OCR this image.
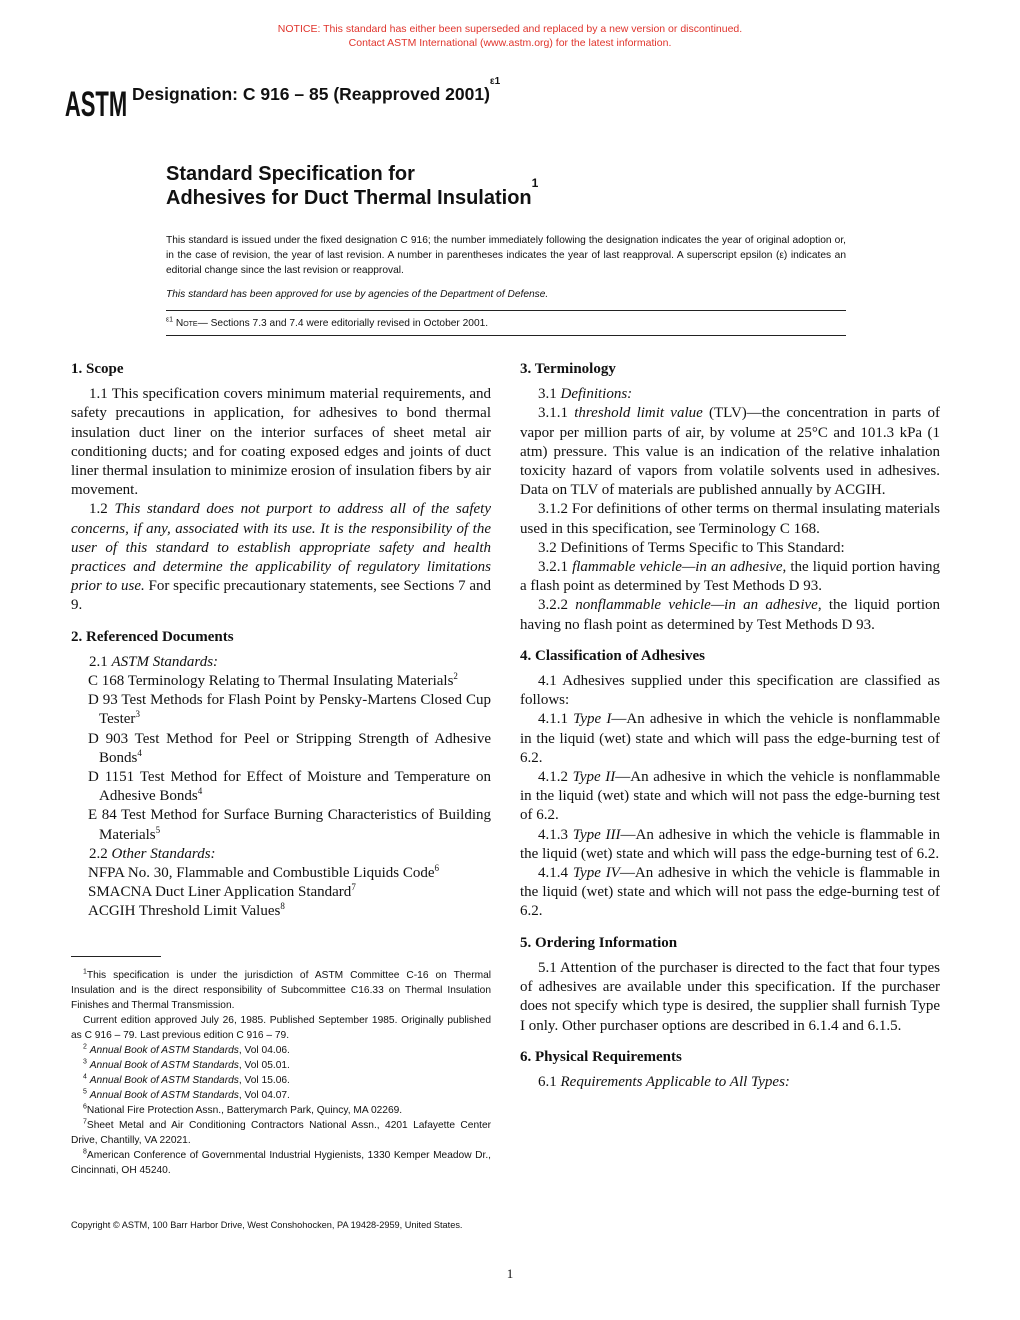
NOTICE: This standard has either been superseded and replaced by a new version or discontinued.
Contact ASTM International (www.astm.org) for the latest information.
ASTM Designation: C 916 – 85 (Reapproved 2001)$^{\varepsilon 1}$
Standard Specification for
Adhesives for Duct Thermal Insulation$^1$
This standard is issued under the fixed designation C 916; the number immediately following the designation indicates the year of original adoption or, in the case of revision, the year of last revision. A number in parentheses indicates the year of last reapproval. A superscript epsilon (ε) indicates an editorial change since the last revision or reapproval.
This standard has been approved for use by agencies of the Department of Defense.
$^{\varepsilon 1}$ Note— Sections 7.3 and 7.4 were editorially revised in October 2001.
1. Scope

1.1 This specification covers minimum material requirements, and safety precautions in application, for adhesives to bond thermal insulation duct liner on the interior surfaces of sheet metal air conditioning ducts; and for coating exposed edges and joints of duct liner thermal insulation to minimize erosion of insulation fibers by air movement.

1.2 This standard does not purport to address all of the safety concerns, if any, associated with its use. It is the responsibility of the user of this standard to establish appropriate safety and health practices and determine the applicability of regulatory limitations prior to use. For specific precautionary statements, see Sections 7 and 9.

2. Referenced Documents

2.1 ASTM Standards:

C 168 Terminology Relating to Thermal Insulating Materials$^2$

D 93 Test Methods for Flash Point by Pensky-Martens Closed Cup Tester$^3$

D 903 Test Method for Peel or Stripping Strength of Adhesive Bonds$^4$

D 1151 Test Method for Effect of Moisture and Temperature on Adhesive Bonds$^4$

E 84 Test Method for Surface Burning Characteristics of Building Materials$^5$

2.2 Other Standards:

NFPA No. 30, Flammable and Combustible Liquids Code$^6$

SMACNA Duct Liner Application Standard$^7$

ACGIH Threshold Limit Values$^8$

$^1$This specification is under the jurisdiction of ASTM Committee C-16 on Thermal Insulation and is the direct responsibility of Subcommittee C16.33 on Thermal Insulation Finishes and Thermal Transmission.
Current edition approved July 26, 1985. Published September 1985. Originally published as C 916 – 79. Last previous edition C 916 – 79.
$^2$ Annual Book of ASTM Standards, Vol 04.06.
$^3$ Annual Book of ASTM Standards, Vol 05.01.
$^4$ Annual Book of ASTM Standards, Vol 15.06.
$^5$ Annual Book of ASTM Standards, Vol 04.07.
$^6$National Fire Protection Assn., Batterymarch Park, Quincy, MA 02269.
$^7$Sheet Metal and Air Conditioning Contractors National Assn., 4201 Lafayette Center Drive, Chantilly, VA 22021.
$^8$American Conference of Governmental Industrial Hygienists, 1330 Kemper Meadow Dr., Cincinnati, OH 45240.
3. Terminology

3.1 Definitions:

3.1.1 threshold limit value (TLV)—the concentration in parts of vapor per million parts of air, by volume at 25°C and 101.3 kPa (1 atm) pressure. This value is an indication of the relative inhalation toxicity hazard of vapors from volatile solvents used in adhesives. Data on TLV of materials are published annually by ACGIH.

3.1.2 For definitions of other terms on thermal insulating materials used in this specification, see Terminology C 168.

3.2 Definitions of Terms Specific to This Standard:

3.2.1 flammable vehicle—in an adhesive, the liquid portion having a flash point as determined by Test Methods D 93.

3.2.2 nonflammable vehicle—in an adhesive, the liquid portion having no flash point as determined by Test Methods D 93.

4. Classification of Adhesives

4.1 Adhesives supplied under this specification are classified as follows:

4.1.1 Type I—An adhesive in which the vehicle is nonflammable in the liquid (wet) state and which will pass the edge-burning test of 6.2.

4.1.2 Type II—An adhesive in which the vehicle is nonflammable in the liquid (wet) state and which will not pass the edge-burning test of 6.2.

4.1.3 Type III—An adhesive in which the vehicle is flammable in the liquid (wet) state and which will pass the edge-burning test of 6.2.

4.1.4 Type IV—An adhesive in which the vehicle is flammable in the liquid (wet) state and which will not pass the edge-burning test of 6.2.

5. Ordering Information

5.1 Attention of the purchaser is directed to the fact that four types of adhesives are available under this specification. If the purchaser does not specify which type is desired, the supplier shall furnish Type I only. Other purchaser options are described in 6.1.4 and 6.1.5.

6. Physical Requirements

6.1 Requirements Applicable to All Types:

Copyright © ASTM, 100 Barr Harbor Drive, West Conshohocken, PA 19428-2959, United States.
1
